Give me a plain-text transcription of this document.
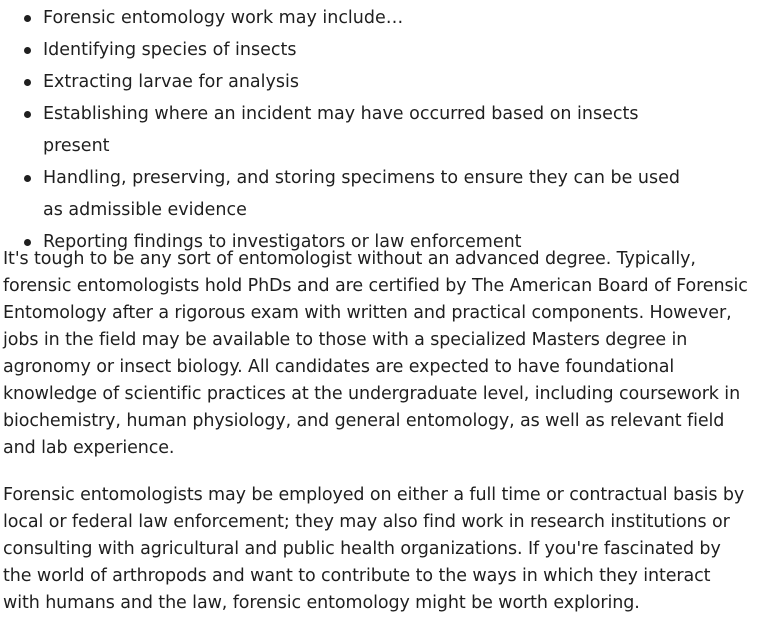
Forensic entomology work may include…
Identifying species of insects
Extracting larvae for analysis
Establishing where an incident may have occurred based on insects present
Handling, preserving, and storing specimens to ensure they can be used as admissible evidence
Reporting findings to investigators or law enforcement

It's tough to be any sort of entomologist without an advanced degree. Typically, forensic entomologists hold PhDs and are certified by The American Board of Forensic Entomology after a rigorous exam with written and practical components. However, jobs in the field may be available to those with a specialized Masters degree in agronomy or insect biology. All candidates are expected to have foundational knowledge of scientific practices at the undergraduate level, including coursework in biochemistry, human physiology, and general entomology, as well as relevant field and lab experience.

Forensic entomologists may be employed on either a full time or contractual basis by local or federal law enforcement; they may also find work in research institutions or consulting with agricultural and public health organizations. If you're fascinated by the world of arthropods and want to contribute to the ways in which they interact with humans and the law, forensic entomology might be worth exploring.
